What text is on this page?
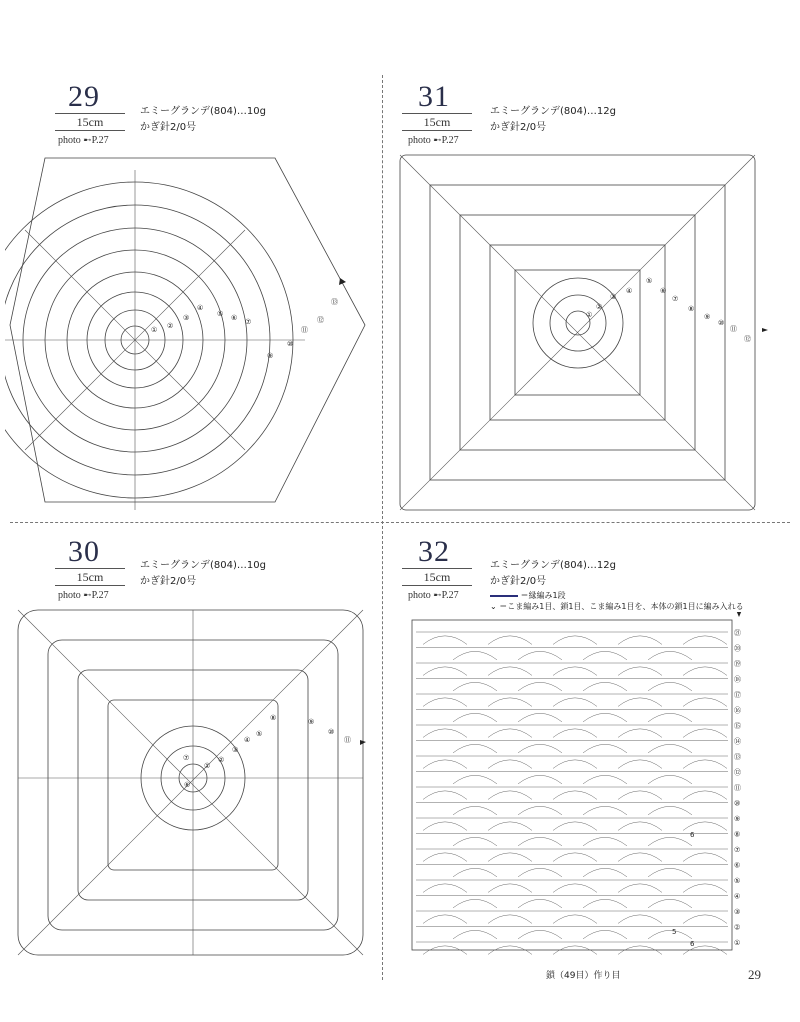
29
15cm
photo ➸P.27
エミーグランデ(804)…10g
かぎ針2/0号
① ②
③
④
⑤ ⑥ ⑦
⑨
⑩
⑪
⑫
⑬
31
15cm
photo ➸P.27
エミーグランデ(804)…12g
かぎ針2/0号
①
②
③
④
⑤
⑥
⑦
⑧
⑨
⑩
⑪
⑫
30
15cm
photo ➸P.27
エミーグランデ(804)…10g
かぎ針2/0号
⑦
⑥
①
②
③
④
⑤
⑧	⑨
⑩
⑪
32
15cm
photo ➸P.27
エミーグランデ(804)…12g
かぎ針2/0号
＝縁編み1段
⌄ ＝こま編み1目、鎖1目、こま編み1目を、本体の鎖1目に編み入れる
6
5
6
㉑
⑳
⑲
⑱
⑰
⑯
⑮
⑭
⑬
⑫
⑪
⑩
⑨
⑧
⑦
⑥
⑤
④
③
②
①
鎖（49目）作り目	29
